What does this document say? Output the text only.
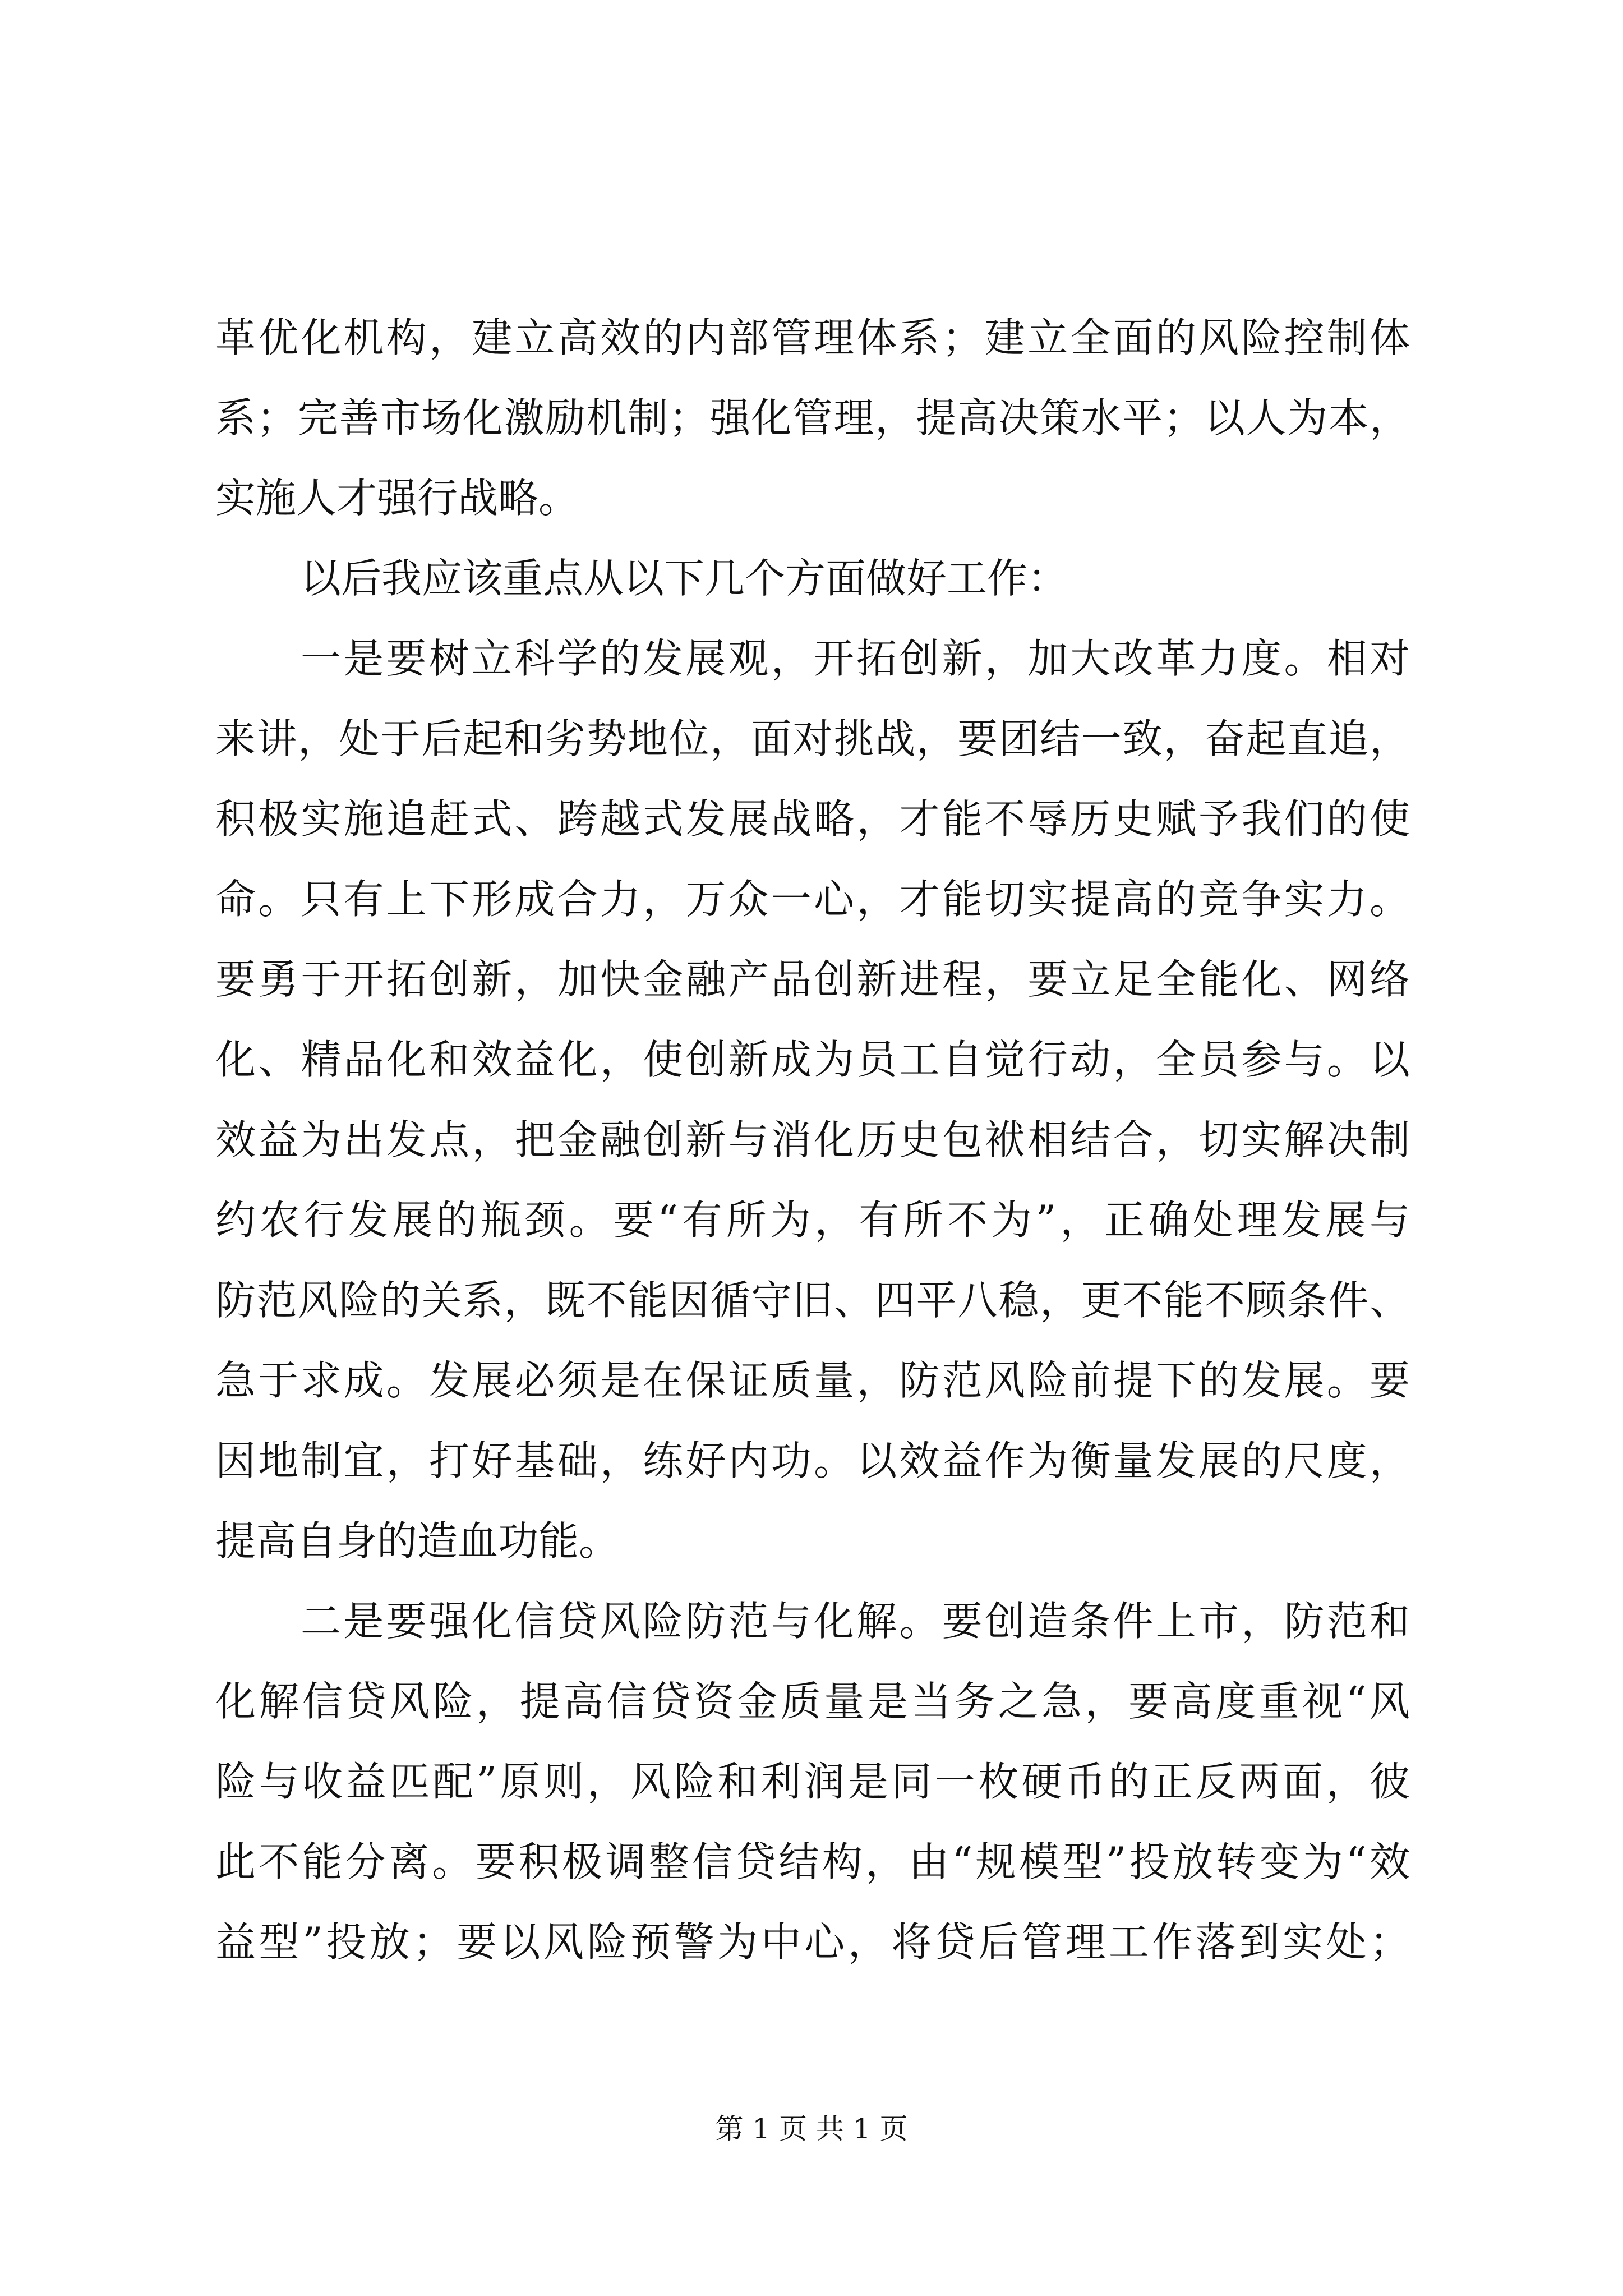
革优化机构，建立高效的内部管理体系；建立全面的风险控制体
系；完善市场化激励机制；强化管理，提高决策水平；以人为本，
实施人才强行战略。
以后我应该重点从以下几个方面做好工作：
一是要树立科学的发展观，开拓创新，加大改革力度。相对
来讲，处于后起和劣势地位，面对挑战，要团结一致，奋起直追，
积极实施追赶式、跨越式发展战略，才能不辱历史赋予我们的使
命。只有上下形成合力，万众一心，才能切实提高的竞争实力。
要勇于开拓创新，加快金融产品创新进程，要立足全能化、网络
化、精品化和效益化，使创新成为员工自觉行动，全员参与。以
效益为出发点，把金融创新与消化历史包袱相结合，切实解决制
约农行发展的瓶颈。要“有所为，有所不为”，正确处理发展与
防范风险的关系，既不能因循守旧、四平八稳，更不能不顾条件、
急于求成。发展必须是在保证质量，防范风险前提下的发展。要
因地制宜，打好基础，练好内功。以效益作为衡量发展的尺度，
提高自身的造血功能。
二是要强化信贷风险防范与化解。要创造条件上市，防范和
化解信贷风险，提高信贷资金质量是当务之急，要高度重视“风
险与收益匹配”原则，风险和利润是同一枚硬币的正反两面，彼
此不能分离。要积极调整信贷结构，由“规模型”投放转变为“效
益型”投放；要以风险预警为中心，将贷后管理工作落到实处；
第 1 页 共 1 页
